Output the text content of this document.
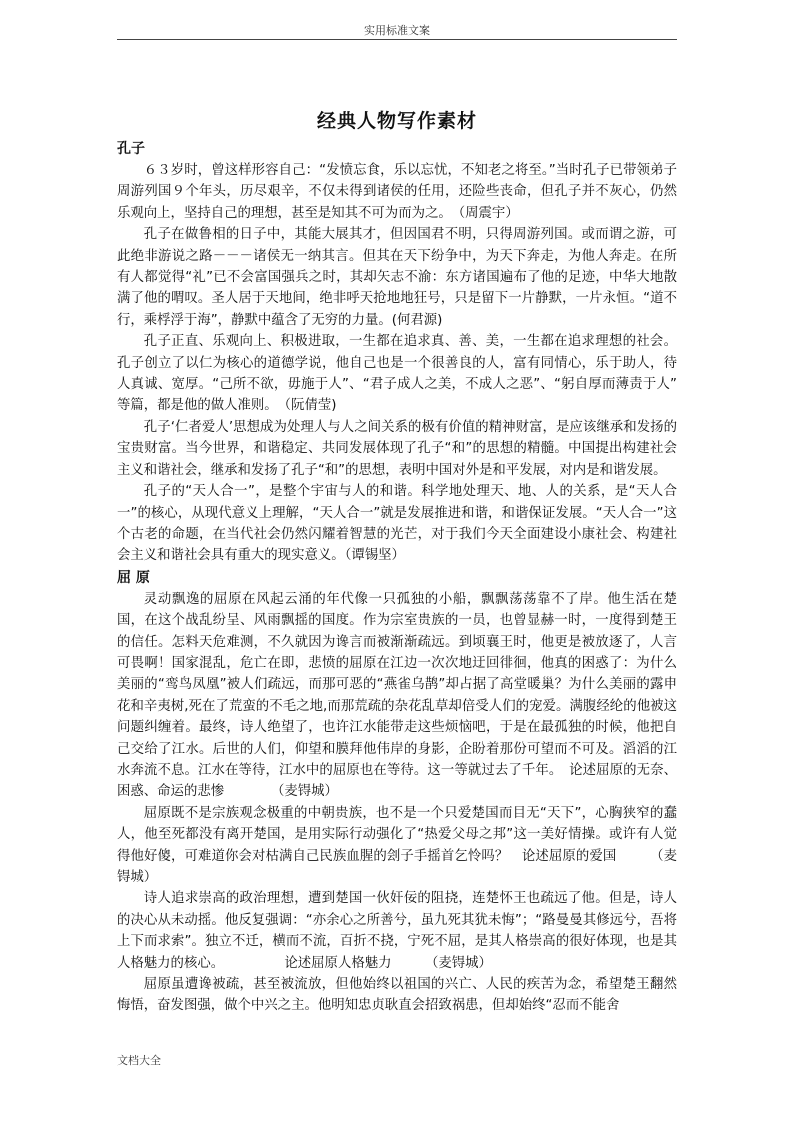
实用标准文案
经典人物写作素材
孔子

６３岁时，曾这样形容自己：“发愤忘食，乐以忘忧，不知老之将至。”当时孔子已带领弟子周游列国９个年头，历尽艰辛，不仅未得到诸侯的任用，还险些丧命，但孔子并不灰心，仍然乐观向上，坚持自己的理想，甚至是知其不可为而为之。　（周震宇）

孔子在做鲁相的日子中，其能大展其才，但因国君不明，只得周游列国。或而谓之游，可此绝非游说之路－－－诸侯无一纳其言。但其在天下纷争中，为天下奔走，为他人奔走。在所有人都觉得“礼”已不会富国强兵之时，其却矢志不渝：东方诸国遍布了他的足迹，中华大地散满了他的喟叹。圣人居于天地间，绝非呼天抢地地狂号，只是留下一片静默，一片永恒。“道不行，乘桴浮于海”，静默中蕴含了无穷的力量。(何君源)

孔子正直、乐观向上、积极进取，一生都在追求真、善、美，一生都在追求理想的社会。孔子创立了以仁为核心的道德学说，他自己也是一个很善良的人，富有同情心，乐于助人，待人真诚、宽厚。“己所不欲，毋施于人”、“君子成人之美，不成人之恶”、“躬自厚而薄责于人” 等篇，都是他的做人准则。　（阮倩莹)

孔子‘仁者爱人’思想成为处理人与人之间关系的极有价值的精神财富，是应该继承和发扬的宝贵财富。当今世界，和谐稳定、共同发展体现了孔子“和”的思想的精髓。中国提出构建社会主义和谐社会，继承和发扬了孔子“和”的思想，表明中国对外是和平发展，对内是和谐发展。

孔子的“天人合一”，是整个宇宙与人的和谐。科学地处理天、地、人的关系，是“天人合一”的核心，从现代意义上理解，“天人合一”就是发展推进和谐，和谐保证发展。“天人合一”这个古老的命题，在当代社会仍然闪耀着智慧的光芒，对于我们今天全面建设小康社会、构建社会主义和谐社会具有重大的现实意义。（谭锡坚）

屈 原

灵动飘逸的屈原在风起云涌的年代像一只孤独的小船，飘飘荡荡靠不了岸。他生活在楚国，在这个战乱纷呈、风雨飘摇的国度。作为宗室贵族的一员，也曾显赫一时，一度得到楚王的信任。怎料天危难测，不久就因为谗言而被渐渐疏远。到顷襄王时，他更是被放逐了，人言可畏啊！国家混乱，危亡在即，悲愤的屈原在江边一次次地迂回徘徊，他真的困惑了：为什么美丽的“鸾鸟凤凰”被人们疏远，而那可恶的“燕雀乌鹊”却占据了高堂暖巢？为什么美丽的露申花和辛夷树,死在了荒蛮的不毛之地,而那荒疏的杂花乱草却倍受人们的宠爱。满腹经纶的他被这问题纠缠着。最终，诗人绝望了，也许江水能带走这些烦恼吧，于是在最孤独的时候，他把自己交给了江水。后世的人们，仰望和膜拜他伟岸的身影，企盼着那份可望而不可及。滔滔的江水奔流不息。江水在等待，江水中的屈原也在等待。这一等就过去了千年。　论述屈原的无奈、困惑、命运的悲惨　　　　（麦锝城）

屈原既不是宗族观念极重的中朝贵族，也不是一个只爱楚国而目无“天下”，心胸狭窄的蠢人，他至死都没有离开楚国，是用实际行动强化了“热爱父母之邦”这一美好情操。或许有人觉得他好傻，可难道你会对枯满自己民族血腥的刽子手摇首乞怜吗？　论述屈原的爱国　　　（麦锝城）

诗人追求崇高的政治理想，遭到楚国一伙奸佞的阻挠，连楚怀王也疏远了他。但是，诗人的决心从未动摇。他反复强调：“亦余心之所善兮，虽九死其犹未悔”；“路曼曼其修远兮，吾将上下而求索”。独立不迁，横而不流，百折不挠，宁死不屈，是其人格崇高的很好体现，也是其人格魅力的核心。　　　　　论述屈原人格魅力　　　（麦锝城）

屈原虽遭谗被疏，甚至被流放，但他始终以祖国的兴亡、人民的疾苦为念，希望楚王翻然悔悟，奋发图强，做个中兴之主。他明知忠贞耿直会招致祸患，但却始终“忍而不能舍

文档大全
